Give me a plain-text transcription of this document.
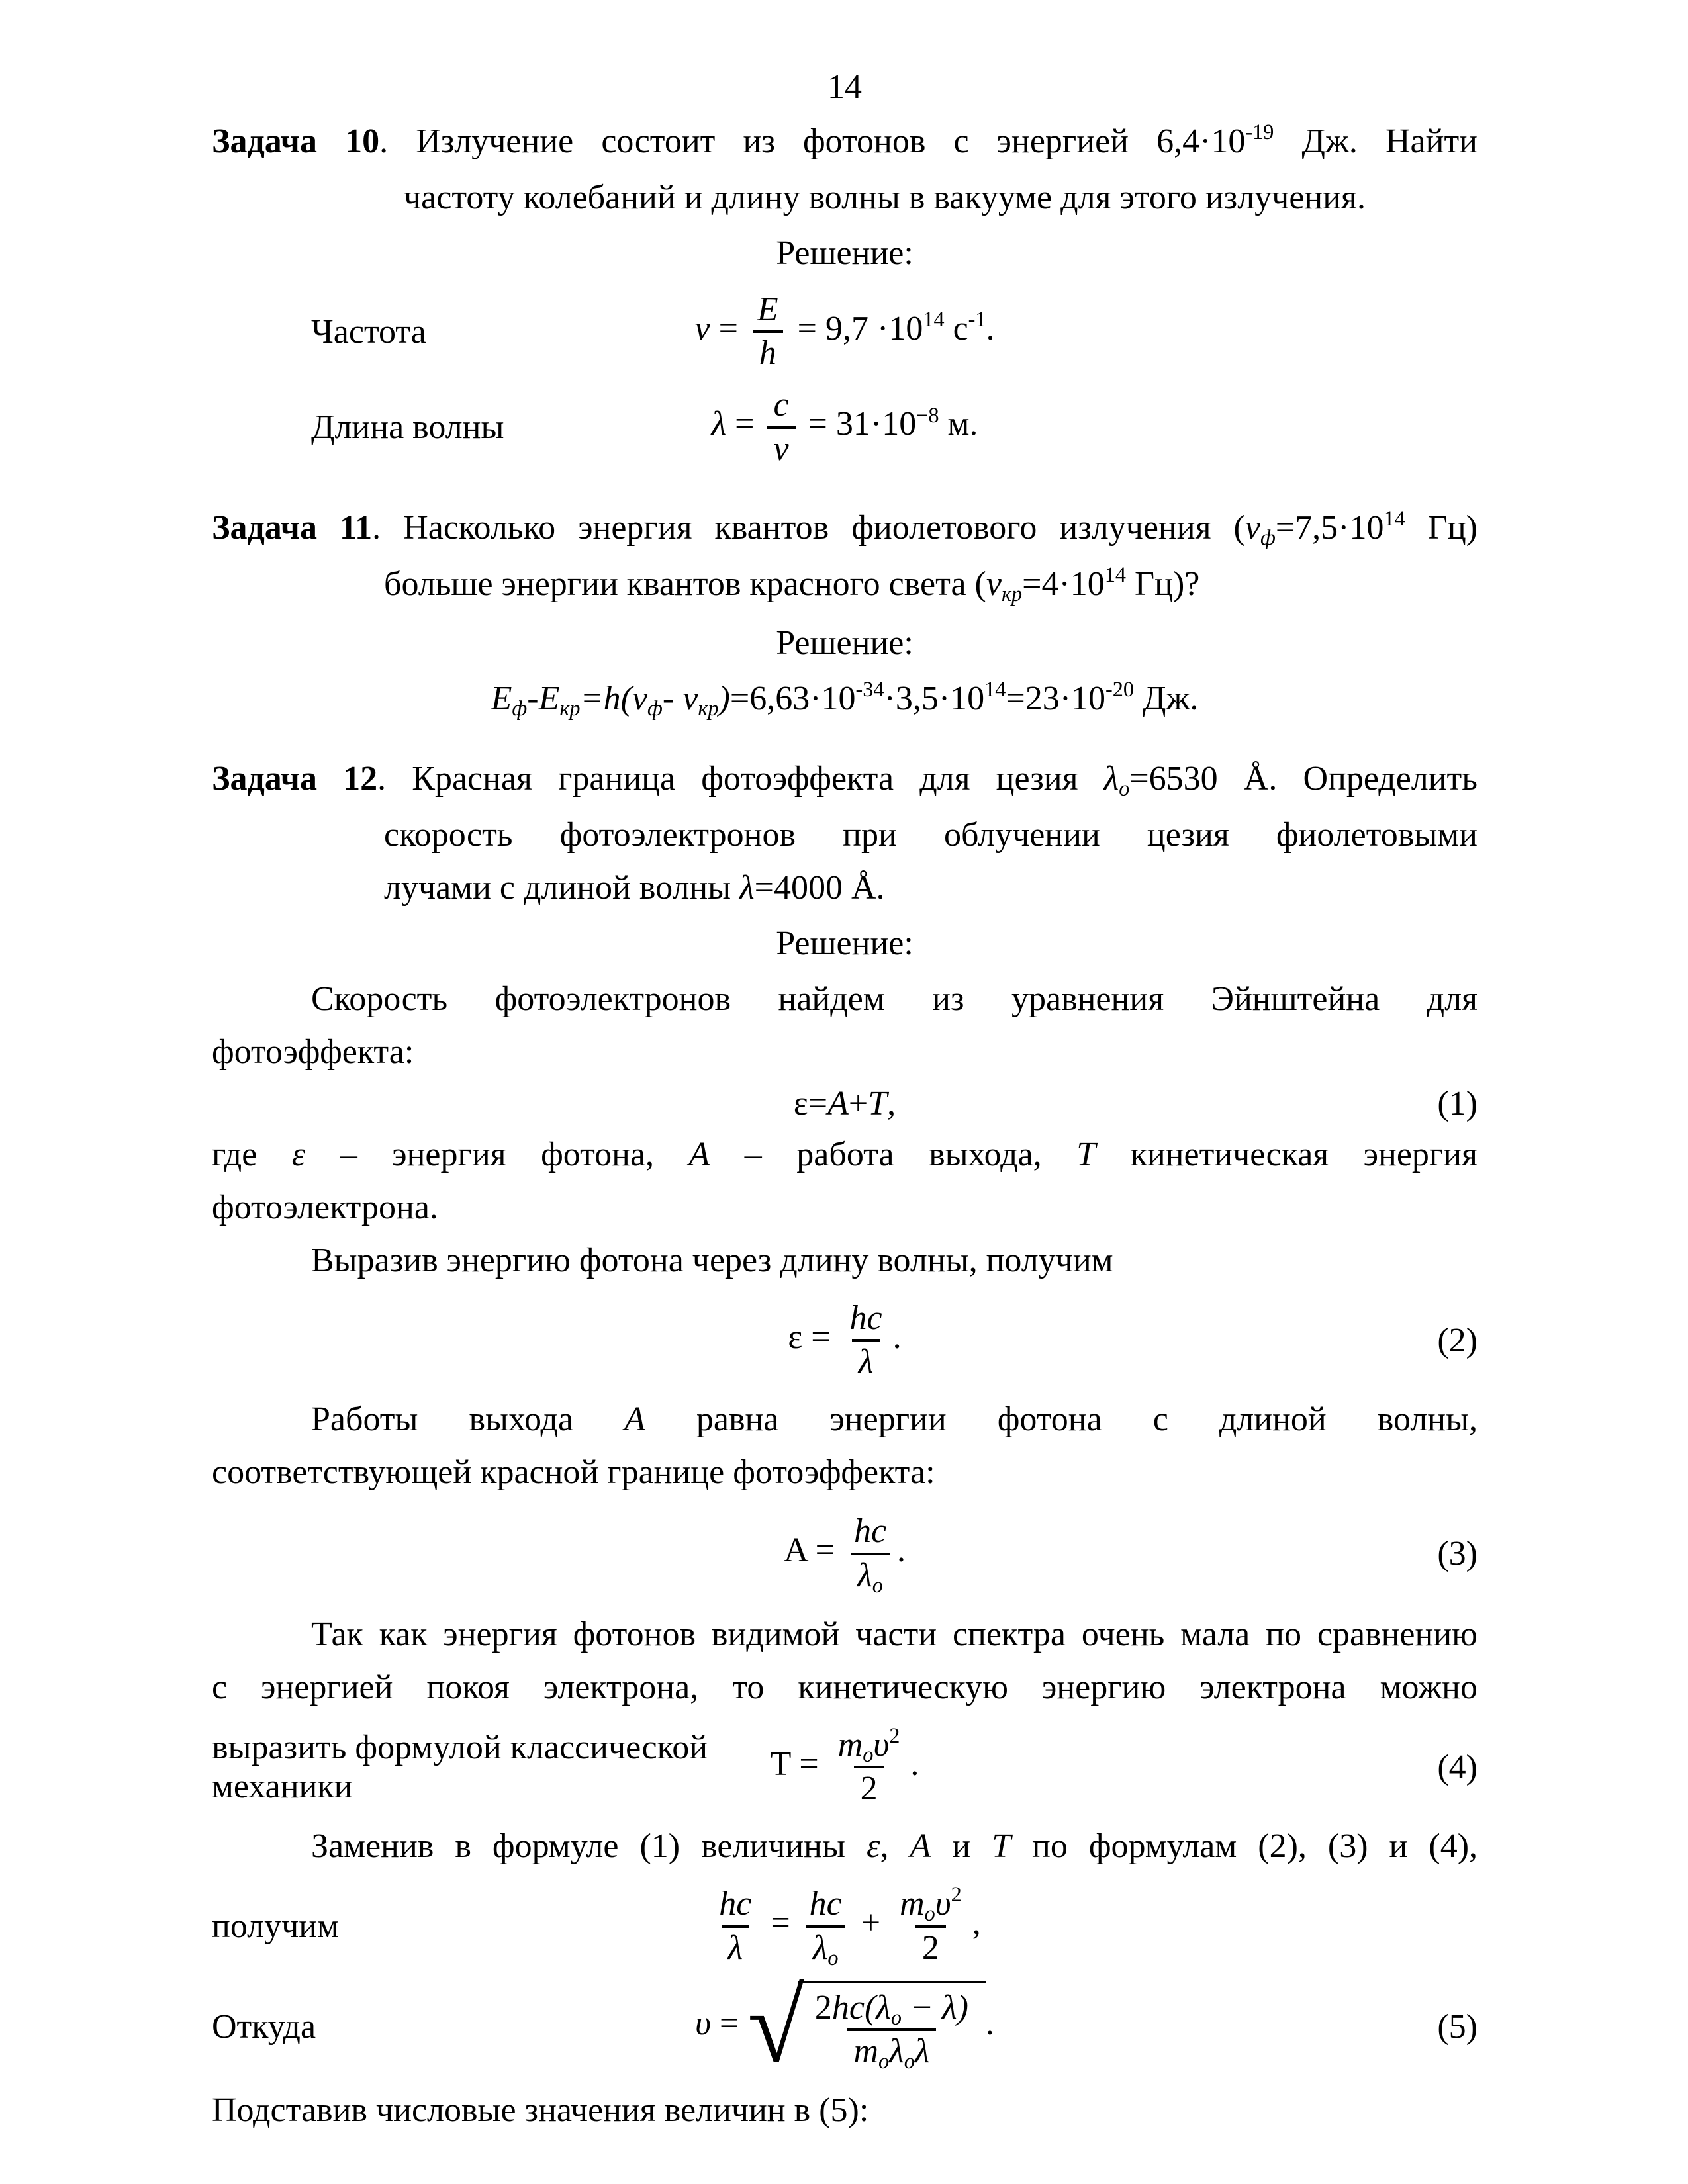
14
Задача 10. Излучение состоит из фотонов с энергией $6,4\cdot 10^{-19}$ Дж. Найти
частоту колебаний и длину волны в вакууме для этого излучения.
Решение:
Частота	$v = \frac{E}{h} = 9,7 \cdot 10^{14}$ $с^{-1}$.
Длина волны	$\lambda = \frac{c}{v} = 31\cdot 10^{-8}$ м.
Задача 11. Насколько энергия квантов фиолетового излучения ($vф=7,5\cdot 10^{14}$ Гц)
больше энергии квантов красного света ($vкр=4\cdot 10^{14}$ Гц)?
Решение:
Eф-Eкр=h(vф- $vкр)=6,63\cdot 10^{-34}\cdot 3,5\cdot 10^{14}=23\cdot 10^{-20}$ Дж.
Задача 12. Красная граница фотоэффекта для цезия λо=6530 Å. Определить
скорость фотоэлектронов при облучении цезия фиолетовыми
лучами с длиной волны λ=4000 Å.
Решение:
Скорость фотоэлектронов найдем из уравнения Эйнштейна для
фотоэффекта:
ε=A+T,	(1)
где ε – энергия фотона, A – работа выхода, T кинетическая энергия
фотоэлектрона.
Выразив энергию фотона через длину волны, получим
$\varepsilon = \frac{hc}{\lambda}$ .	(2)
Работы выхода A равна энергии фотона с длиной волны,
соответствующей красной границе фотоэффекта:
$A = \frac{hc}{\lambda о}$ .	(3)
Так как энергия фотонов видимой части спектра очень мала по сравнению
с энергией покоя электрона, то кинетическую энергию электрона можно
выразить формулой классической механики
$T = \frac{mо\upsilon^2}{2}$ .	(4)
Заменив в формуле (1) величины ε, A и T по формулам (2), (3) и (4),
получим	$\frac{hc}{\lambda} = \frac{hc}{\lambda о} + \frac{mо\upsilon^2}{2}$ ,
Откуда	υ = √ $\frac{2hc(\lambda о - \lambda)}{\text{mоλоλ}}$ .	(5)
Подставив числовые значения величин в (5):
